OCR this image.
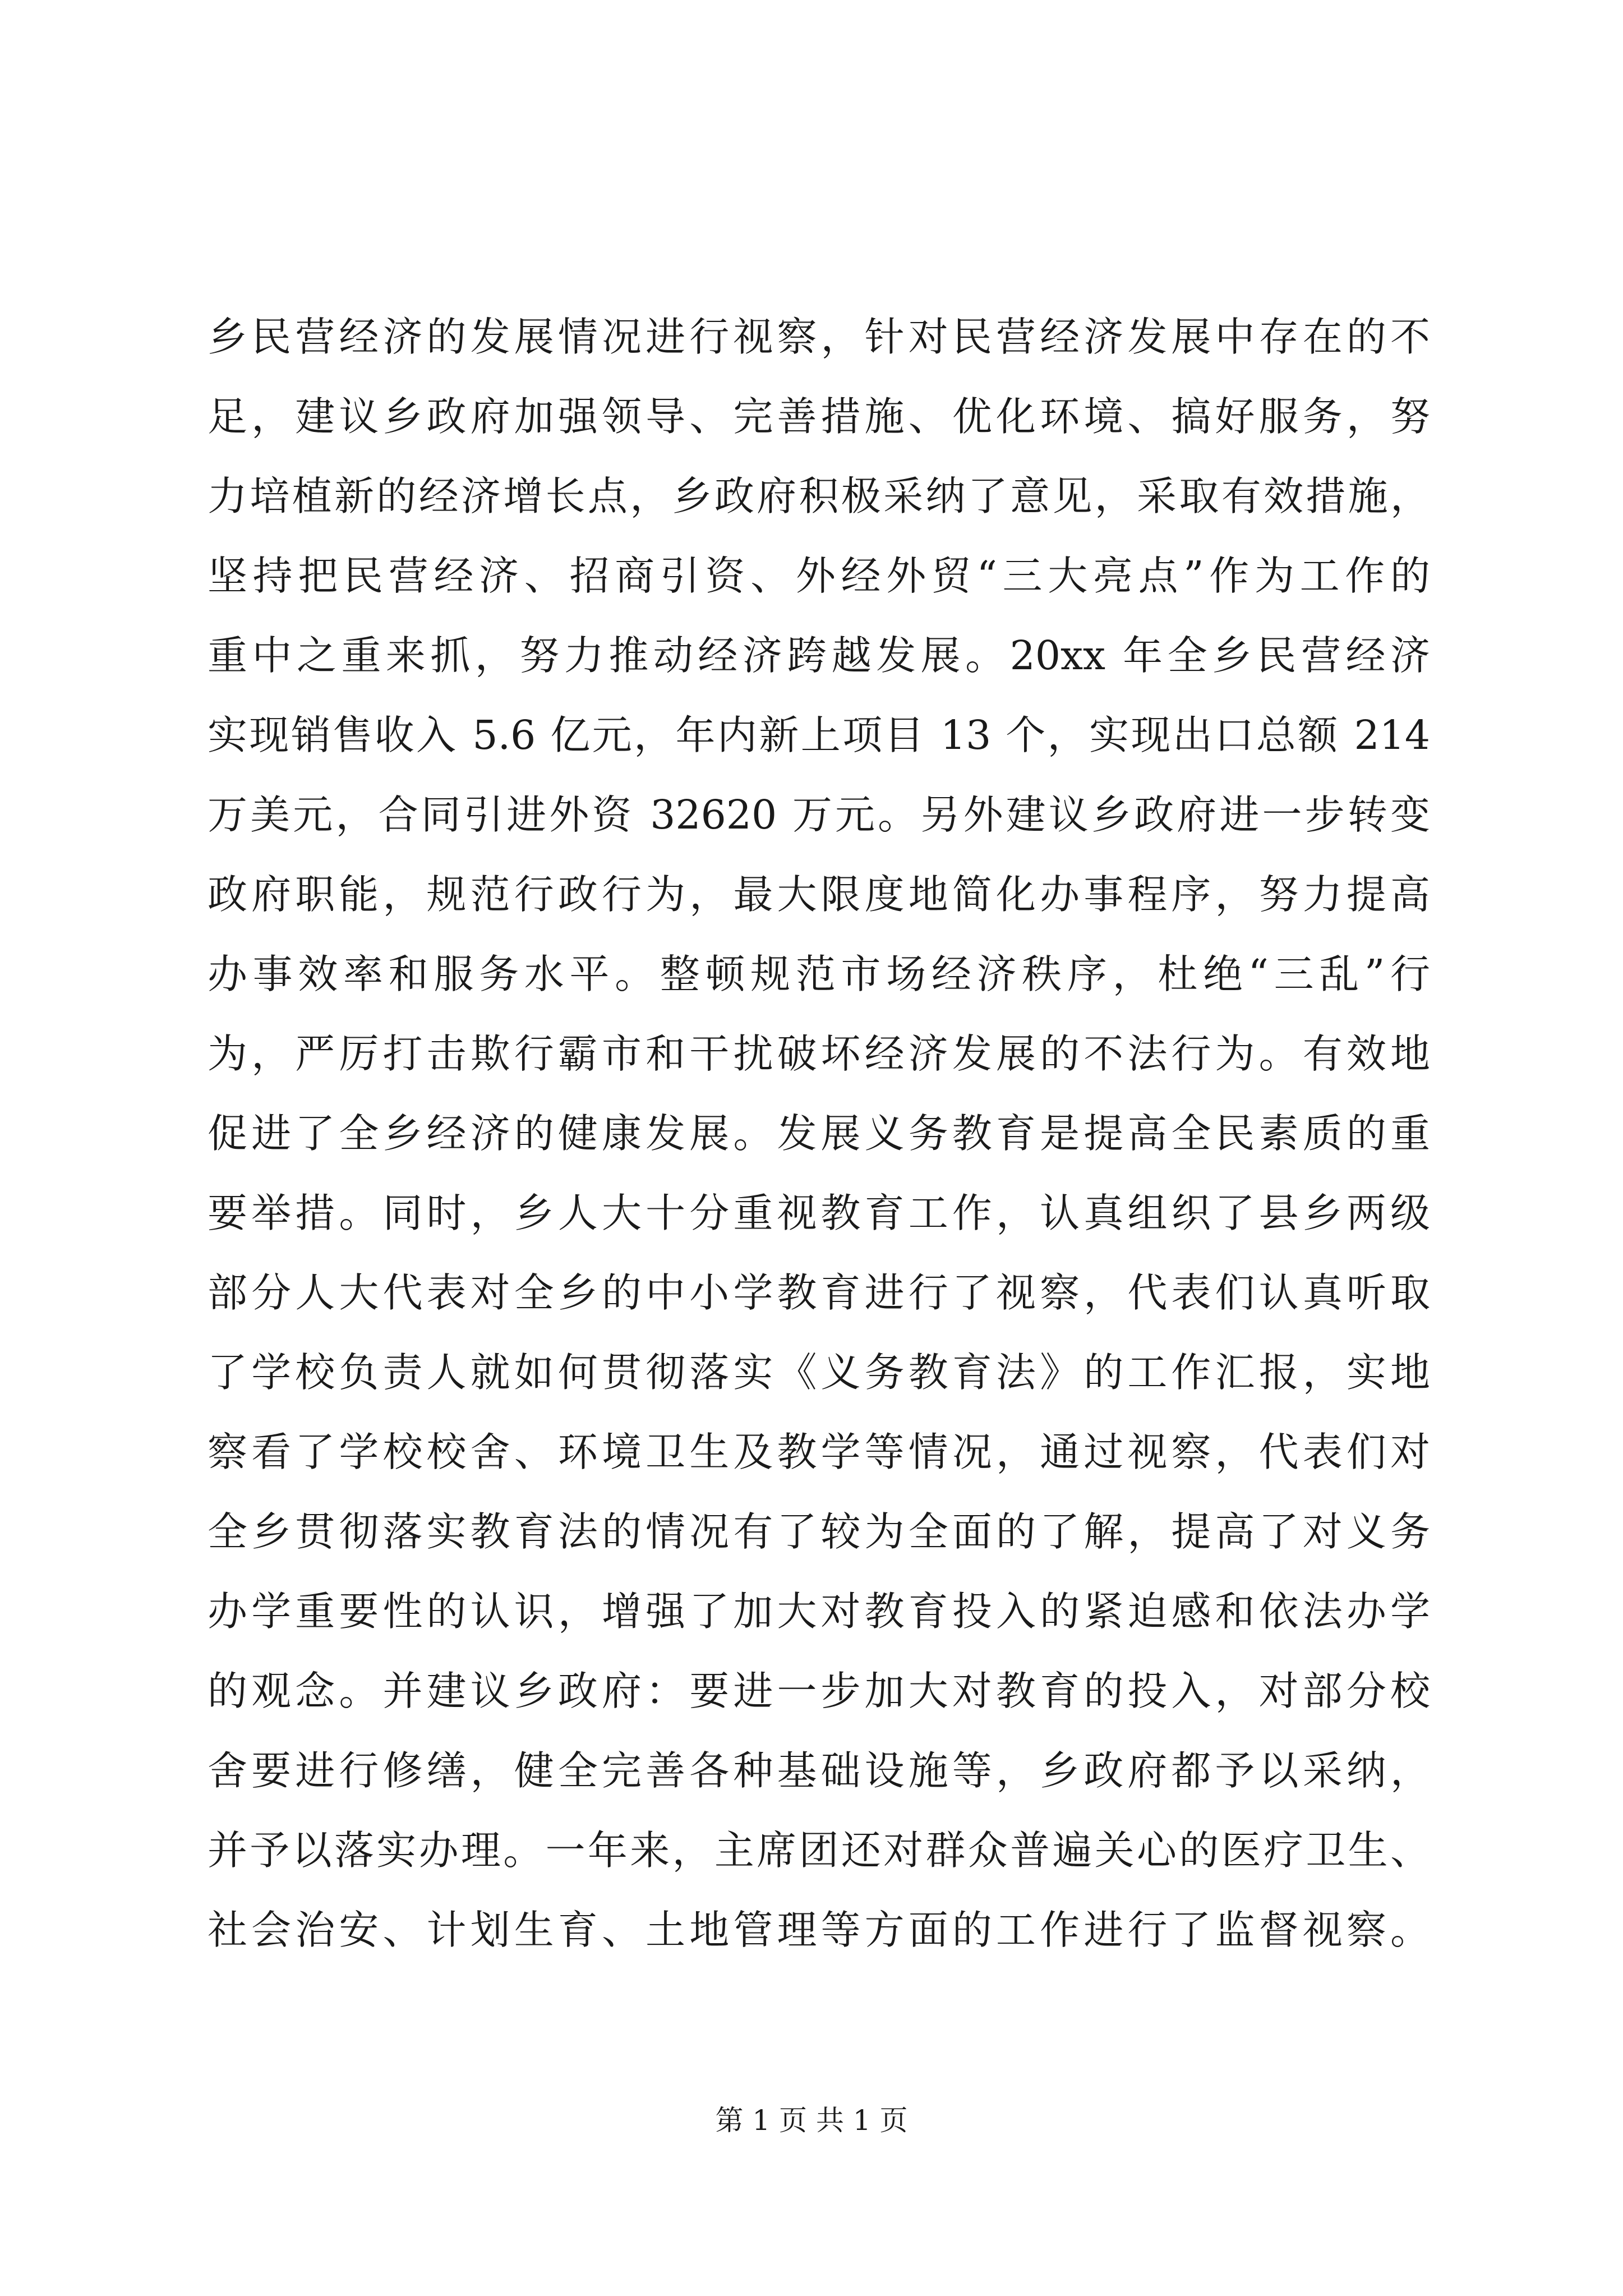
乡民营经济的发展情况进行视察，针对民营经济发展中存在的不
足，建议乡政府加强领导、完善措施、优化环境、搞好服务，努
力培植新的经济增长点，乡政府积极采纳了意见，采取有效措施，
坚持把民营经济、招商引资、外经外贸“三大亮点”作为工作的
重中之重来抓，努力推动经济跨越发展。20xx 年全乡民营经济
实现销售收入 5.6 亿元，年内新上项目 13 个，实现出口总额 214
万美元，合同引进外资 32620 万元。另外建议乡政府进一步转变
政府职能，规范行政行为，最大限度地简化办事程序，努力提高
办事效率和服务水平。整顿规范市场经济秩序，杜绝“三乱”行
为，严厉打击欺行霸市和干扰破坏经济发展的不法行为。有效地
促进了全乡经济的健康发展。发展义务教育是提高全民素质的重
要举措。同时，乡人大十分重视教育工作，认真组织了县乡两级
部分人大代表对全乡的中小学教育进行了视察，代表们认真听取
了学校负责人就如何贯彻落实《义务教育法》的工作汇报，实地
察看了学校校舍、环境卫生及教学等情况，通过视察，代表们对
全乡贯彻落实教育法的情况有了较为全面的了解，提高了对义务
办学重要性的认识，增强了加大对教育投入的紧迫感和依法办学
的观念。并建议乡政府：要进一步加大对教育的投入，对部分校
舍要进行修缮，健全完善各种基础设施等，乡政府都予以采纳，
并予以落实办理。一年来，主席团还对群众普遍关心的医疗卫生、
社会治安、计划生育、土地管理等方面的工作进行了监督视察。
第 1 页 共 1 页
